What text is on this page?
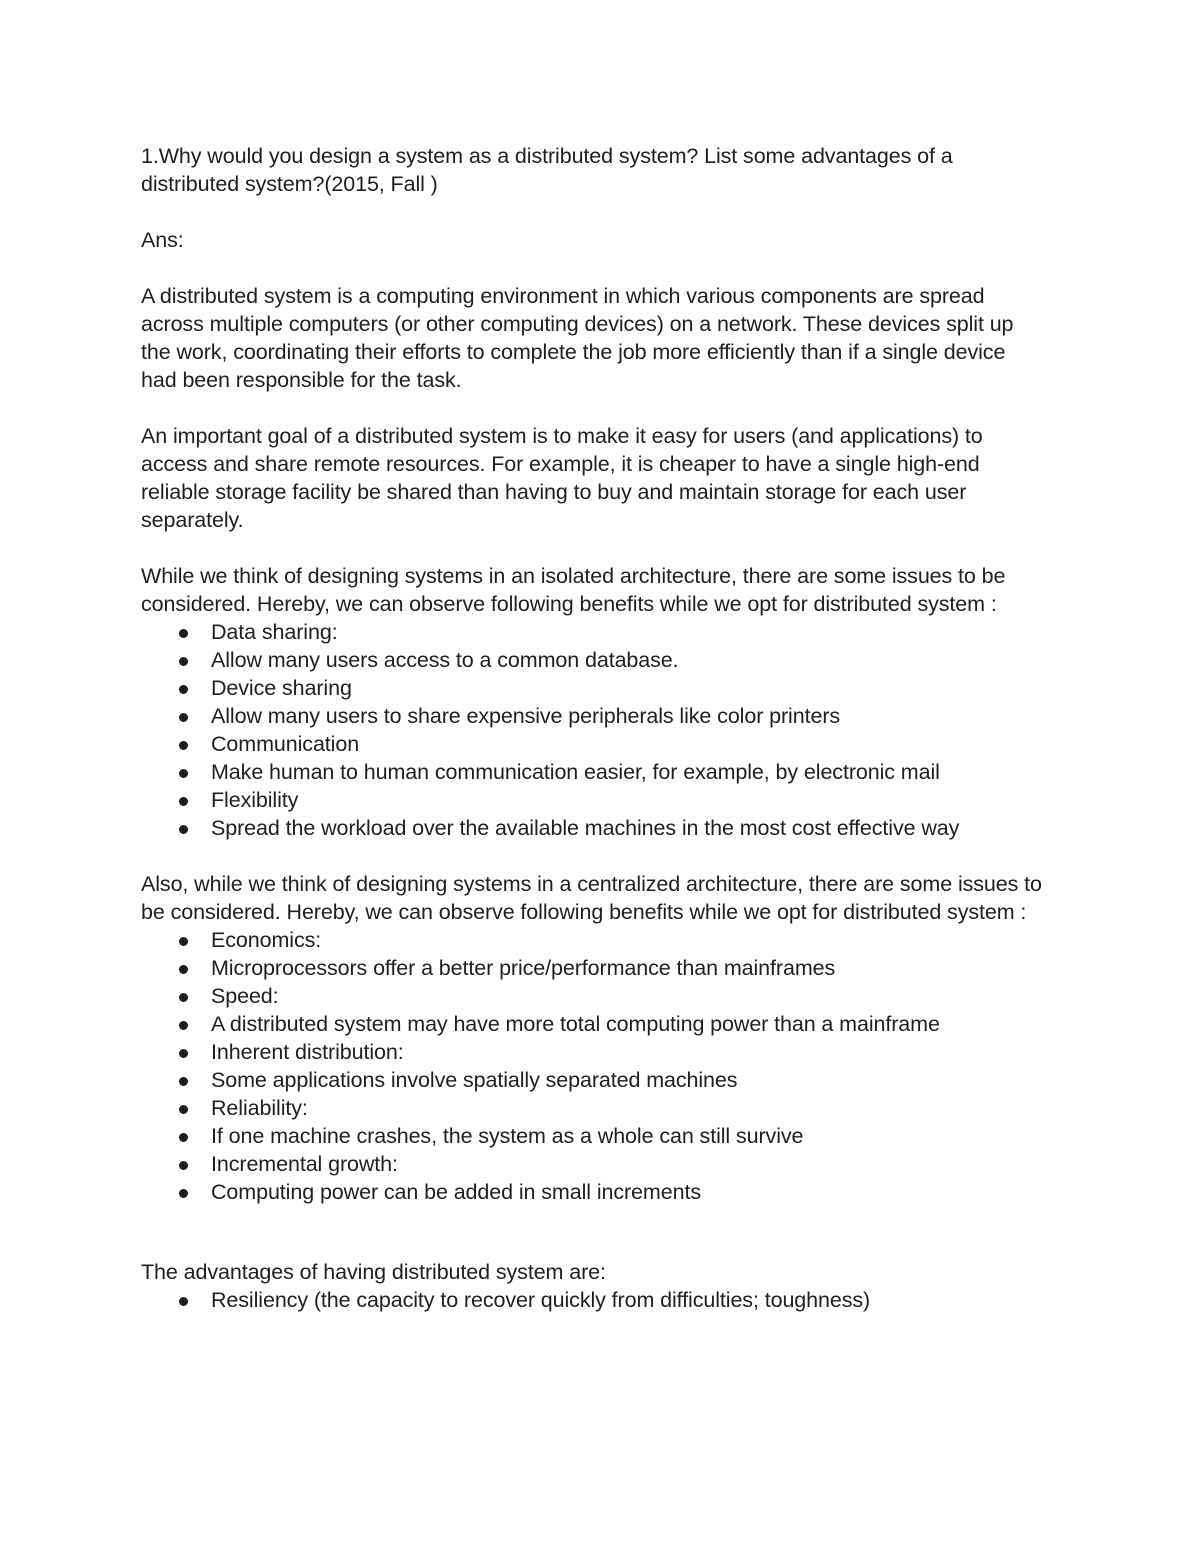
1.Why would you design a system as a distributed system? List some advantages of a distributed system?(2015, Fall )

Ans:

A distributed system is a computing environment in which various components are spread across multiple computers (or other computing devices) on a network. These devices split up the work, coordinating their efforts to complete the job more efficiently than if a single device had been responsible for the task.

An important goal of a distributed system is to make it easy for users (and applications) to access and share remote resources. For example, it is cheaper to have a single high-end reliable storage facility be shared than having to buy and maintain storage for each user separately.

While we think of designing systems in an isolated architecture, there are some issues to be considered. Hereby, we can observe following benefits while we opt for distributed system :

Data sharing:
Allow many users access to a common database.
Device sharing
Allow many users to share expensive peripherals like color printers
Communication
Make human to human communication easier, for example, by electronic mail
Flexibility
Spread the workload over the available machines in the most cost effective way

Also, while we think of designing systems in a centralized architecture, there are some issues to be considered. Hereby, we can observe following benefits while we opt for distributed system :

Economics:
Microprocessors offer a better price/performance than mainframes
Speed:
A distributed system may have more total computing power than a mainframe
Inherent distribution:
Some applications involve spatially separated machines
Reliability:
If one machine crashes, the system as a whole can still survive
Incremental growth:
Computing power can be added in small increments

The advantages of having distributed system are:

Resiliency (the capacity to recover quickly from difficulties; toughness)
